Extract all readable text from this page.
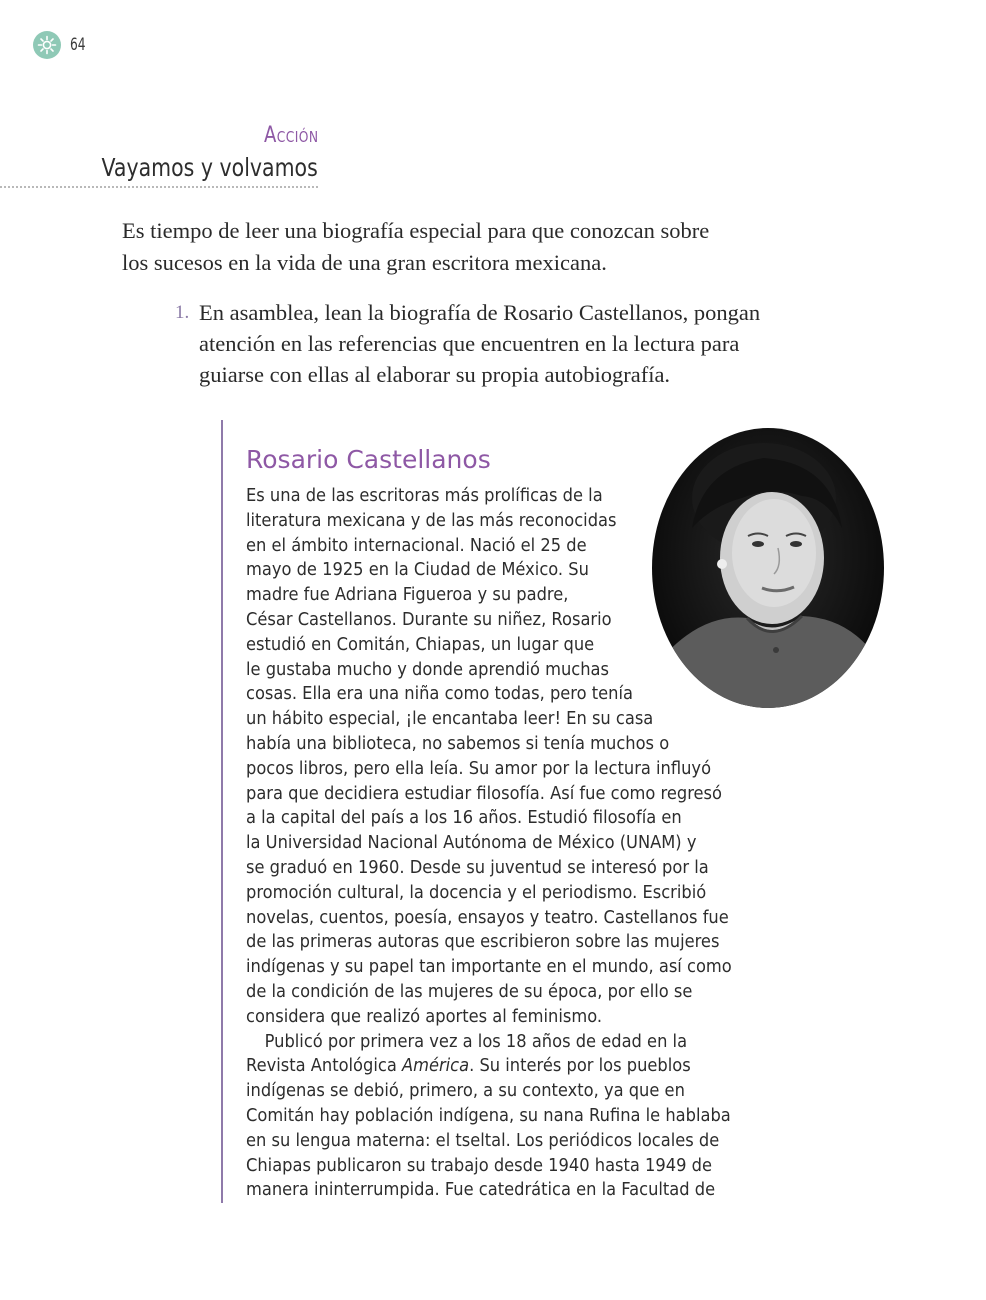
64
Acción
Vayamos y volvamos

Es tiempo de leer una biografía especial para que conozcan sobre

los sucesos en la vida de una gran escritora mexicana.

1. En asamblea, lean la biografía de Rosario Castellanos, pongan

atención en las referencias que encuentren en la lectura para

guiarse con ellas al elaborar su propia autobiografía.

Rosario Castellanos
Es una de las escritoras más prolíficas de la
literatura mexicana y de las más reconocidas
en el ámbito internacional. Nació el 25 de
mayo de 1925 en la Ciudad de México. Su
madre fue Adriana Figueroa y su padre,
César Castellanos. Durante su niñez, Rosario
estudió en Comitán, Chiapas, un lugar que
le gustaba mucho y donde aprendió muchas
cosas. Ella era una niña como todas, pero tenía
un hábito especial, ¡le encantaba leer! En su casa
había una biblioteca, no sabemos si tenía muchos o
pocos libros, pero ella leía. Su amor por la lectura influyó
para que decidiera estudiar filosofía. Así fue como regresó
a la capital del país a los 16 años. Estudió filosofía en
la Universidad Nacional Autónoma de México (UNAM) y
se graduó en 1960. Desde su juventud se interesó por la
promoción cultural, la docencia y el periodismo. Escribió
novelas, cuentos, poesía, ensayos y teatro. Castellanos fue
de las primeras autoras que escribieron sobre las mujeres
indígenas y su papel tan importante en el mundo, así como
de la condición de las mujeres de su época, por ello se
considera que realizó aportes al feminismo.
Publicó por primera vez a los 18 años de edad en la
Revista Antológica América. Su interés por los pueblos
indígenas se debió, primero, a su contexto, ya que en
Comitán hay población indígena, su nana Rufina le hablaba
en su lengua materna: el tseltal. Los periódicos locales de
Chiapas publicaron su trabajo desde 1940 hasta 1949 de
manera ininterrumpida. Fue catedrática en la Facultad de
